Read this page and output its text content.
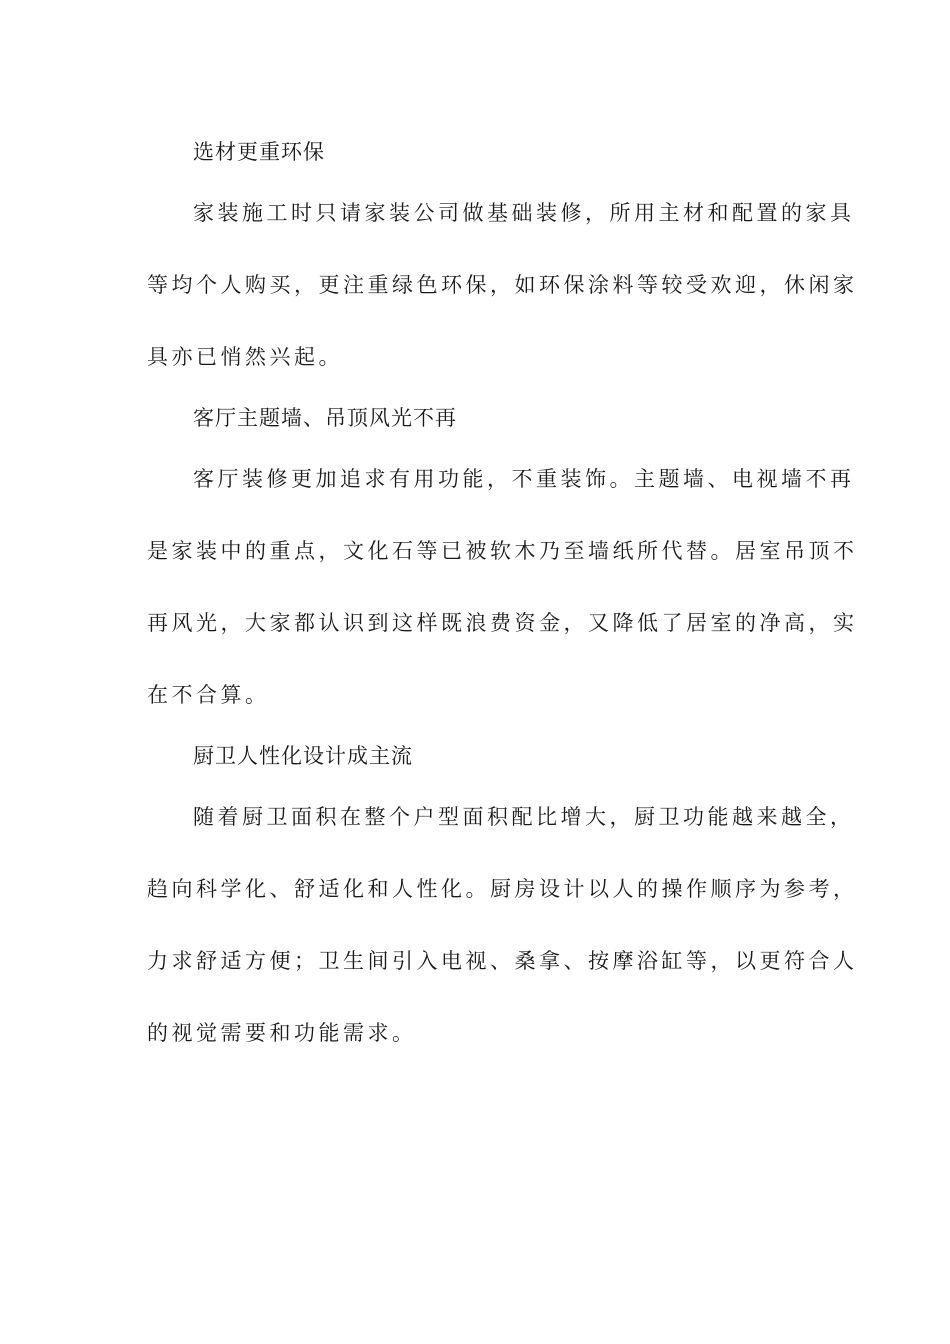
选材更重环保
家装施工时只请家装公司做基础装修，所用主材和配置的家具
等均个人购买，更注重绿色环保，如环保涂料等较受欢迎，休闲家
具亦已悄然兴起。
客厅主题墙、吊顶风光不再
客厅装修更加追求有用功能，不重装饰。主题墙、电视墙不再
是家装中的重点，文化石等已被软木乃至墙纸所代替。居室吊顶不
再风光，大家都认识到这样既浪费资金，又降低了居室的净高，实
在不合算。
厨卫人性化设计成主流
随着厨卫面积在整个户型面积配比增大，厨卫功能越来越全，
趋向科学化、舒适化和人性化。厨房设计以人的操作顺序为参考，
力求舒适方便；卫生间引入电视、桑拿、按摩浴缸等，以更符合人
的视觉需要和功能需求。
